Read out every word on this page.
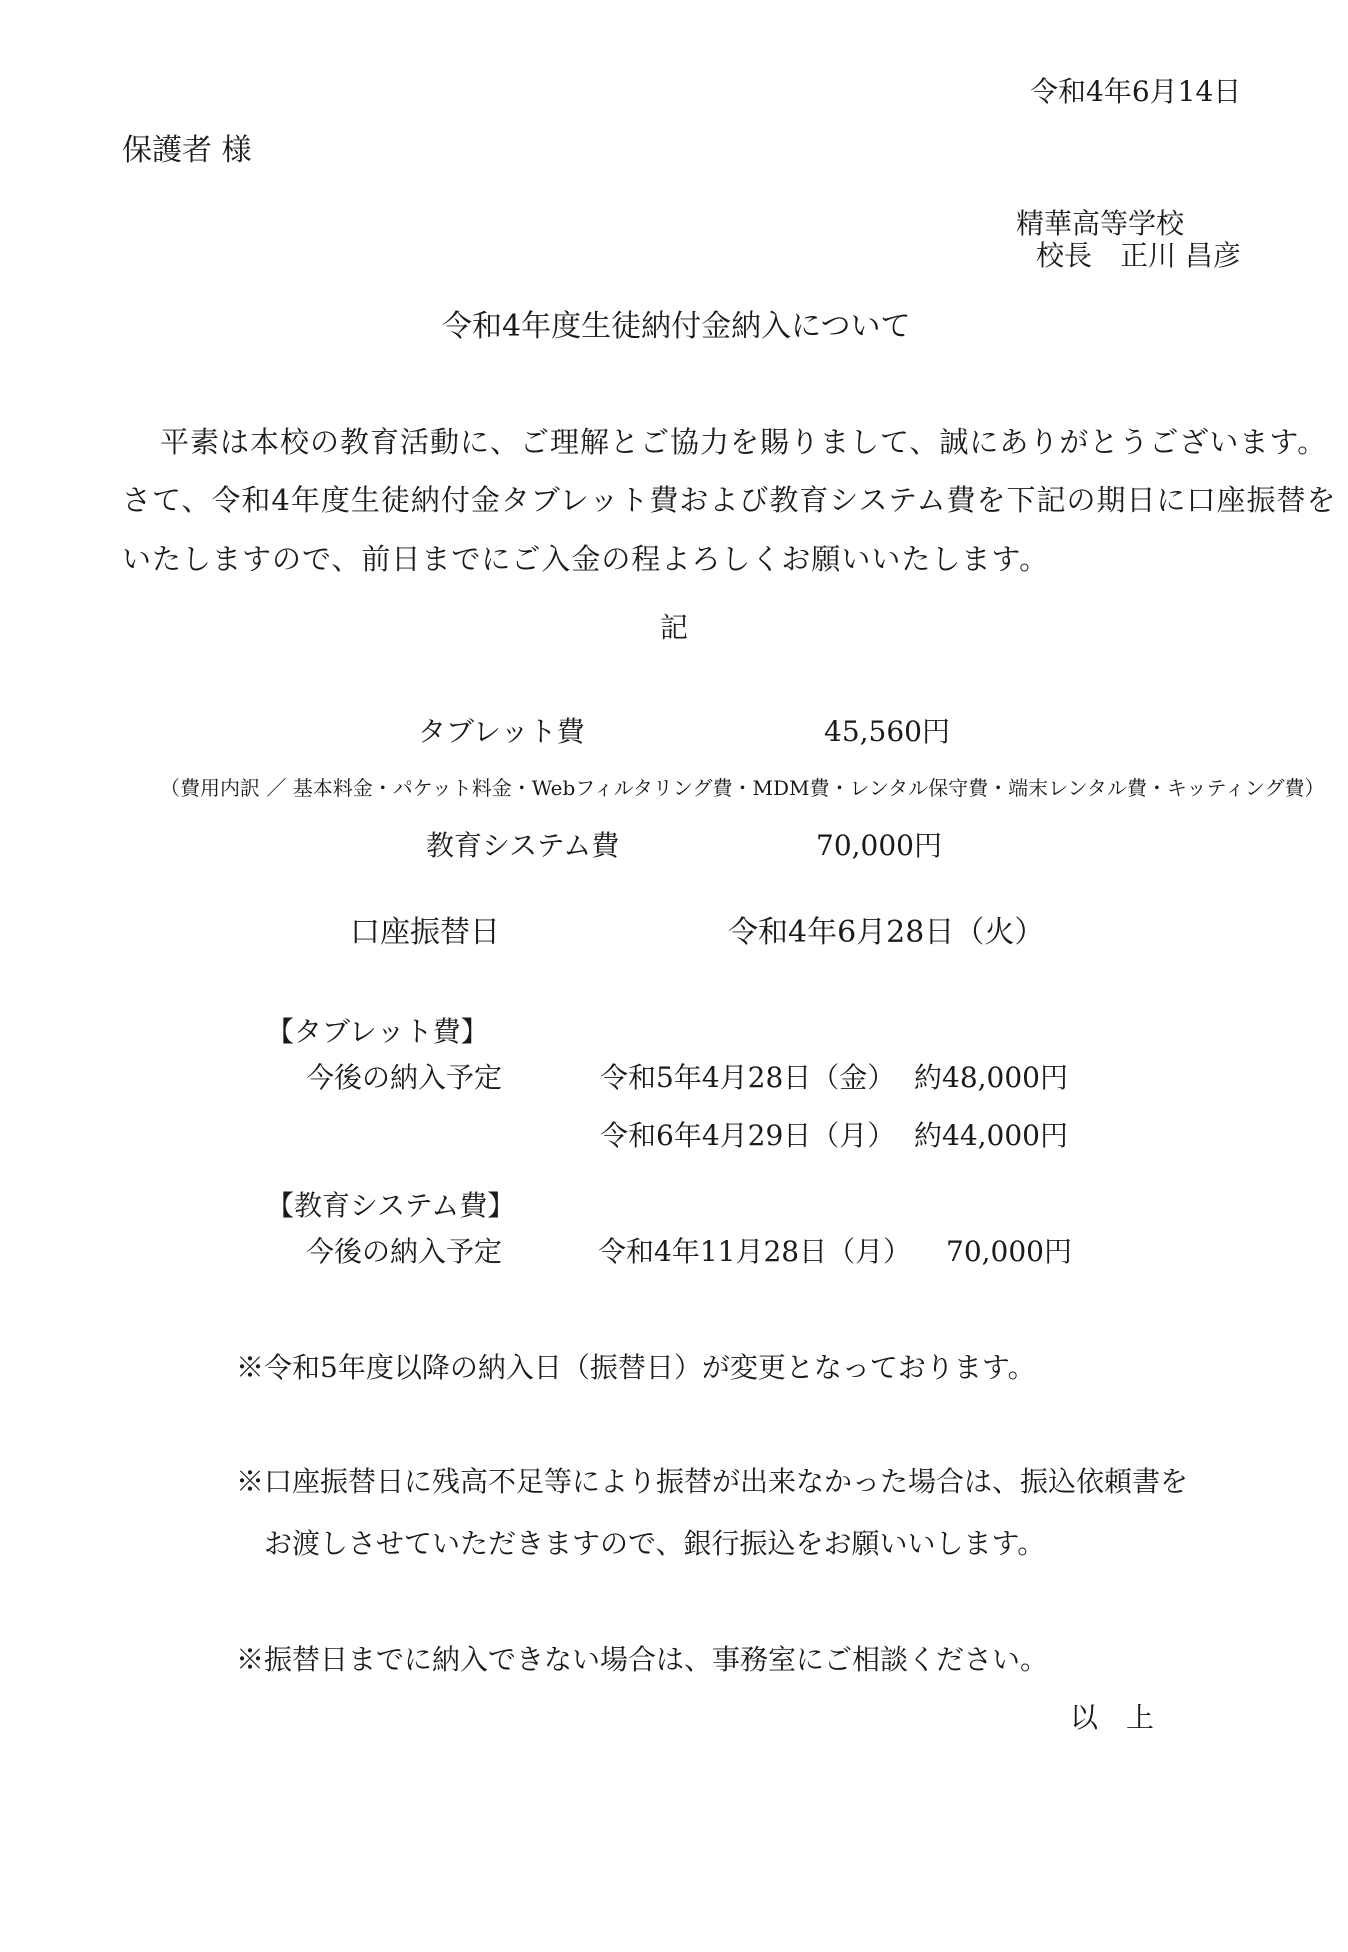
令和4年6月14日
保護者 様
精華高等学校
校長　正川 昌彦
令和4年度生徒納付金納入について
平素は本校の教育活動に、ご理解とご協力を賜りまして、誠にありがとうございます。
さて、令和4年度生徒納付金タブレット費および教育システム費を下記の期日に口座振替を
いたしますので、前日までにご入金の程よろしくお願いいたします。
記
タブレット費	45,560円
（費用内訳 ／ 基本料金・パケット料金・Webフィルタリング費・MDM費・レンタル保守費・端末レンタル費・キッティング費）
教育システム費	70,000円
口座振替日	令和4年6月28日（火）
【タブレット費】
今後の納入予定	令和5年4月28日（金） 約48,000円
令和6年4月29日（月） 約44,000円
【教育システム費】
今後の納入予定	令和4年11月28日（月） 70,000円
※令和5年度以降の納入日（振替日）が変更となっております。
※口座振替日に残高不足等により振替が出来なかった場合は、振込依頼書を
お渡しさせていただきますので、銀行振込をお願いいします。
※振替日までに納入できない場合は、事務室にご相談ください。
以　上
